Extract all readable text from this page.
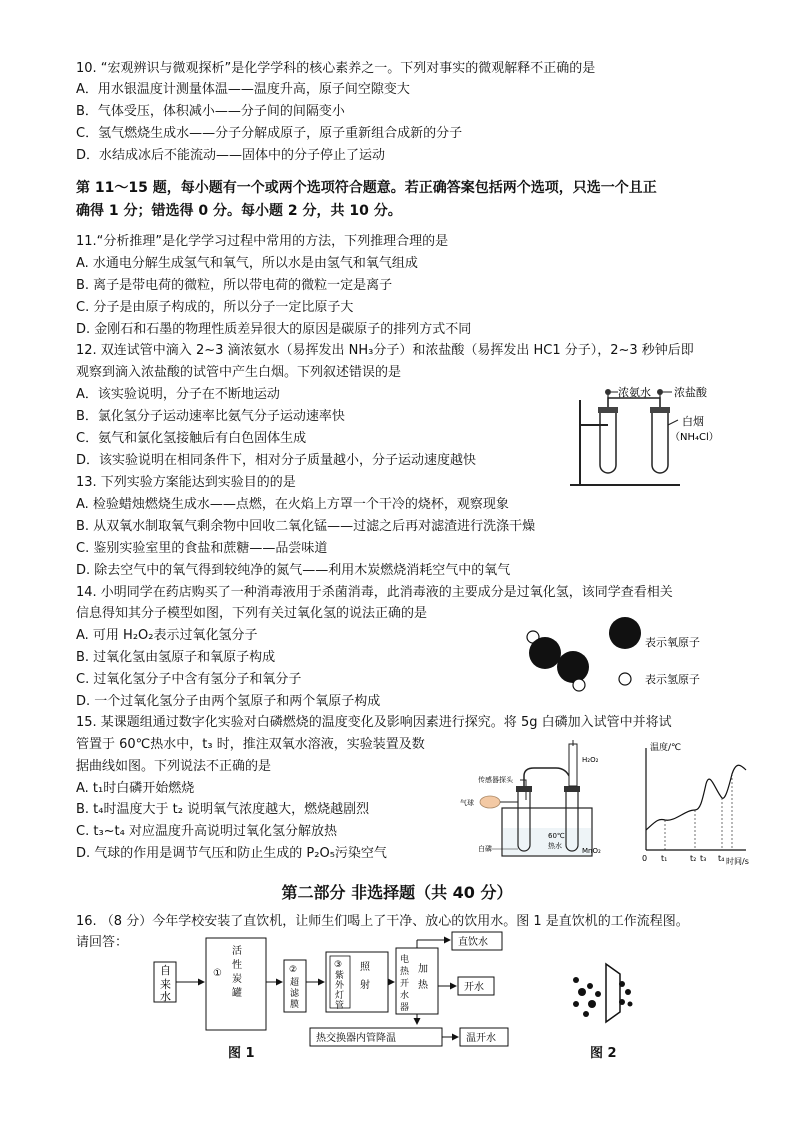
10. “宏观辨识与微观探析”是化学学科的核心素养之一。下列对事实的微观解释不正确的是
A．用水银温度计测量体温——温度升高，原子间空隙变大
B．气体受压，体积减小——分子间的间隔变小
C．氢气燃烧生成水——分子分解成原子，原子重新组合成新的分子
D．水结成冰后不能流动——固体中的分子停止了运动
第 11～15 题，每小题有一个或两个选项符合题意。若正确答案包括两个选项，只选一个且正
确得 1 分；错选得 0 分。每小题 2 分，共 10 分。
11.“分析推理”是化学学习过程中常用的方法，下列推理合理的是
A. 水通电分解生成氢气和氧气，所以水是由氢气和氧气组成
B. 离子是带电荷的微粒，所以带电荷的微粒一定是离子
C. 分子是由原子构成的，所以分子一定比原子大
D. 金刚石和石墨的物理性质差异很大的原因是碳原子的排列方式不同
12. 双连试管中滴入 2~3 滴浓氨水（易挥发出 NH₃分子）和浓盐酸（易挥发出 HC1 分子），2~3 秒钟后即
观察到滴入浓盐酸的试管中产生白烟。下列叙述错误的是
A．该实验说明，分子在不断地运动
B．氯化氢分子运动速率比氨气分子运动速率快
C．氨气和氯化氢接触后有白色固体生成
D．该实验说明在相同条件下，相对分子质量越小，分子运动速度越快
浓氨水 浓盐酸
白烟
（NH₄Cl）
13. 下列实验方案能达到实验目的的是
A. 检验蜡烛燃烧生成水——点燃，在火焰上方罩一个干冷的烧杯，观察现象
B. 从双氧水制取氧气剩余物中回收二氧化锰——过滤之后再对滤渣进行洗涤干燥
C. 鉴别实验室里的食盐和蔗糖——品尝味道
D. 除去空气中的氧气得到较纯净的氮气——利用木炭燃烧消耗空气中的氧气
14. 小明同学在药店购买了一种消毒液用于杀菌消毒，此消毒液的主要成分是过氧化氢，该同学查看相关
信息得知其分子模型如图，下列有关过氧化氢的说法正确的是
A. 可用 H₂O₂表示过氧化氢分子
B. 过氧化氢由氢原子和氧原子构成
C. 过氧化氢分子中含有氢分子和氧分子
D. 一个过氧化氢分子由两个氢原子和两个氧原子构成
表示氧原子
表示氢原子
15. 某课题组通过数字化实验对白磷燃烧的温度变化及影响因素进行探究。将 5g 白磷加入试管中并将试
管置于 60℃热水中，t₃ 时，推注双氧水溶液，实验装置及数
据曲线如图。下列说法不正确的是
A. t₁时白磷开始燃烧
B. t₄时温度大于 t₂ 说明氧气浓度越大，燃烧越剧烈
C. t₃~t₄ 对应温度升高说明过氧化氢分解放热
D. 气球的作用是调节气压和防止生成的 P₂O₅污染空气
传感器探头
H₂O₂
气球
60℃
热水
白磷	MnO₂
温度/℃
0 t₁	t₂ t₃ t₄ 时间/s
第二部分 非选择题（共 40 分）
16. （8 分）今年学校安装了直饮机，让师生们喝上了干净、放心的饮用水。图 1 是直饮机的工作流程图。
请回答：
自
来
水
①
活
性
炭
罐
②
超
滤
膜
③
紫
外
灯
管
照
射
电
热
开
水
器
加
热
直饮水
开水
热交换器内管降温	温开水
图 1	图 2
